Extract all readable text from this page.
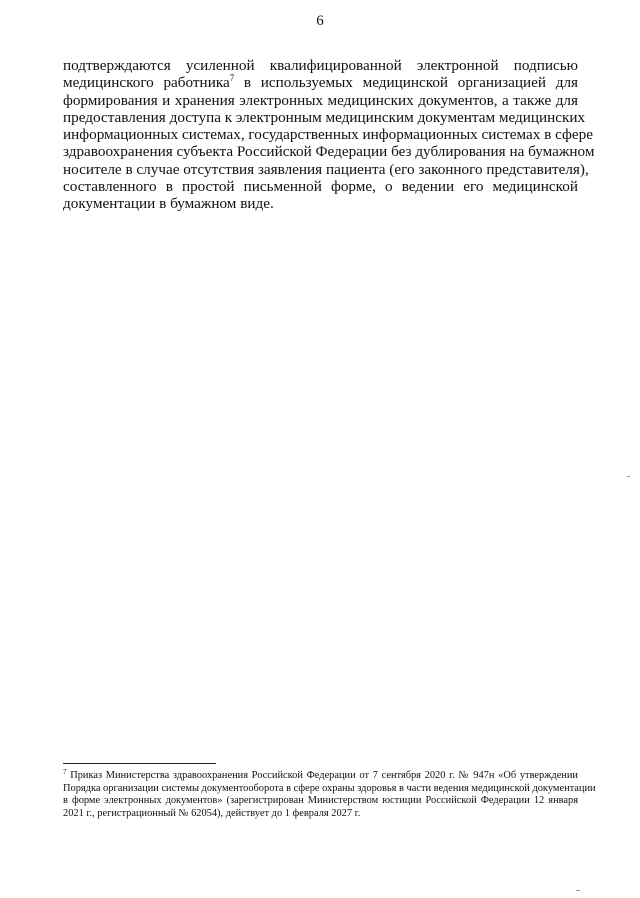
6
подтверждаются усиленной квалифицированной электронной подписью
медицинского работника$^7$ в используемых медицинской организацией для
формирования и хранения электронных медицинских документов, а также для
предоставления доступа к электронным медицинским документам медицинских
информационных системах, государственных информационных системах в сфере
здравоохранения субъекта Российской Федерации без дублирования на бумажном
носителе в случае отсутствия заявления пациента (его законного представителя),
составленного в простой письменной форме, о ведении его медицинской
документации в бумажном виде.
$^7$ Приказ Министерства здравоохранения Российской Федерации от 7 сентября 2020 г. № 947н «Об утверждении
Порядка организации системы документооборота в сфере охраны здоровья в части ведения медицинской документации
в форме электронных документов» (зарегистрирован Министерством юстиции Российской Федерации 12 января
2021 г., регистрационный № 62054), действует до 1 февраля 2027 г.
